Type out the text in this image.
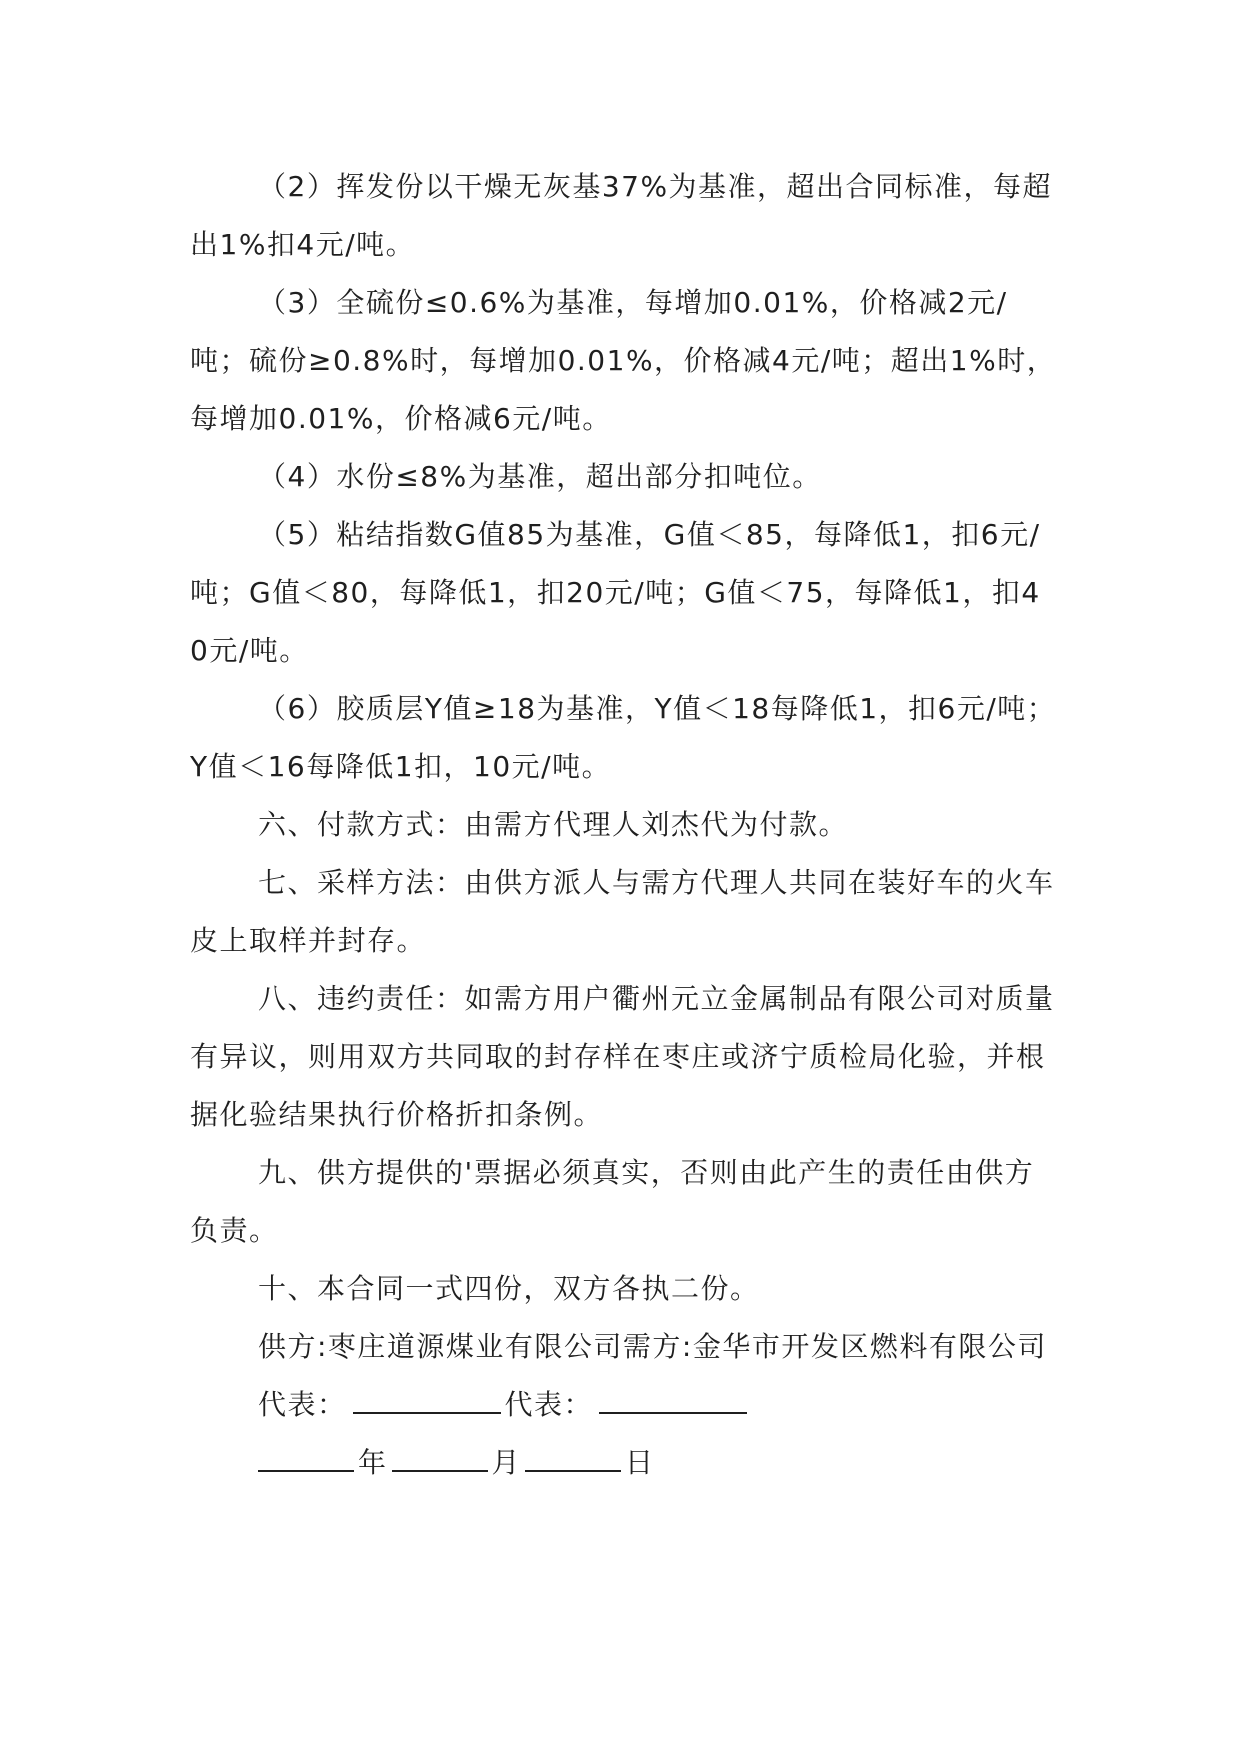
（2）挥发份以干燥无灰基37%为基准，超出合同标准，每超出1%扣4元/吨。

（3）全硫份≤0.6%为基准，每增加0.01%，价格减2元/吨；硫份≥0.8%时，每增加0.01%，价格减4元/吨；超出1%时，每增加0.01%，价格减6元/吨。

（4）水份≤8%为基准，超出部分扣吨位。

（5）粘结指数G值85为基准，G值＜85，每降低1，扣6元/吨；G值＜80，每降低1，扣20元/吨；G值＜75，每降低1，扣40元/吨。

（6）胶质层Y值≥18为基准，Y值＜18每降低1，扣6元/吨；Y值＜16每降低1扣，10元/吨。

六、付款方式：由需方代理人刘杰代为付款。

七、采样方法：由供方派人与需方代理人共同在装好车的火车皮上取样并封存。

八、违约责任：如需方用户衢州元立金属制品有限公司对质量有异议，则用双方共同取的封存样在枣庄或济宁质检局化验，并根据化验结果执行价格折扣条例。

九、供方提供的'票据必须真实，否则由此产生的责任由供方负责。

十、本合同一式四份，双方各执二份。

供方:枣庄道源煤业有限公司需方:金华市开发区燃料有限公司

代表：	代表：

年	月	日
